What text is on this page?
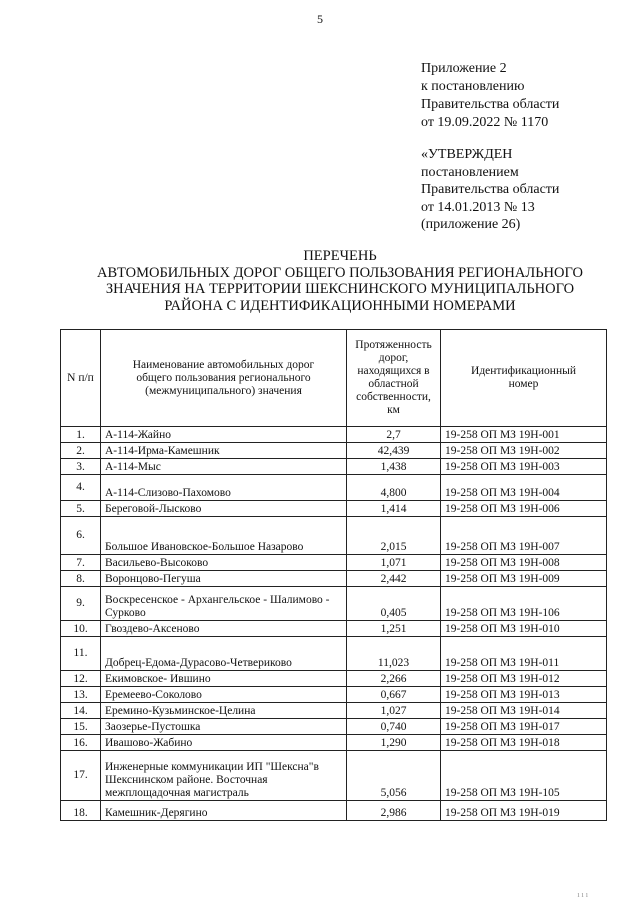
5
Приложение 2
к постановлению
Правительства области
от 19.09.2022 № 1170
«УТВЕРЖДЕН
постановлением
Правительства области
от 14.01.2013 № 13
(приложение 26)
ПЕРЕЧЕНЬ
АВТОМОБИЛЬНЫХ ДОРОГ ОБЩЕГО ПОЛЬЗОВАНИЯ РЕГИОНАЛЬНОГО
ЗНАЧЕНИЯ НА ТЕРРИТОРИИ ШЕКСНИНСКОГО МУНИЦИПАЛЬНОГО
РАЙОНА С ИДЕНТИФИКАЦИОННЫМИ НОМЕРАМИ
N п/п	Наименование автомобильных дорог общего пользования регионального (межмуниципального) значения	Протяженность дорог, находящихся в областной собственности, км	Идентификационный номер
1.	А-114-Жайно	2,7	19-258 ОП МЗ 19Н-001
2.	А-114-Ирма-Камешник	42,439	19-258 ОП МЗ 19Н-002
3.	А-114-Мыс	1,438	19-258 ОП МЗ 19Н-003
4.	А-114-Слизово-Пахомово	4,800	19-258 ОП МЗ 19Н-004
5.	Береговой-Лысково	1,414	19-258 ОП МЗ 19Н-006
6.	Большое Ивановское-Большое Назарово	2,015	19-258 ОП МЗ 19Н-007
7.	Васильево-Высоково	1,071	19-258 ОП МЗ 19Н-008
8.	Воронцово-Пегуша	2,442	19-258 ОП МЗ 19Н-009
9.	Воскресенское - Архангельское - Шалимово - Сурково	0,405	19-258 ОП МЗ 19Н-106
10.	Гвоздево-Аксеново	1,251	19-258 ОП МЗ 19Н-010
11.	Добрец-Едома-Дурасово-Четвериково	11,023	19-258 ОП МЗ 19Н-011
12.	Екимовское- Ившино	2,266	19-258 ОП МЗ 19Н-012
13.	Еремеево-Соколово	0,667	19-258 ОП МЗ 19Н-013
14.	Еремино-Кузьминское-Целина	1,027	19-258 ОП МЗ 19Н-014
15.	Заозерье-Пустошка	0,740	19-258 ОП МЗ 19Н-017
16.	Ивашово-Жабино	1,290	19-258 ОП МЗ 19Н-018
17.	Инженерные коммуникации ИП "Шексна"в Шекснинском районе. Восточная межплощадочная магистраль	5,056	19-258 ОП МЗ 19Н-105
18.	Камешник-Дерягино	2,986	19-258 ОП МЗ 19Н-019
ı ı ı
